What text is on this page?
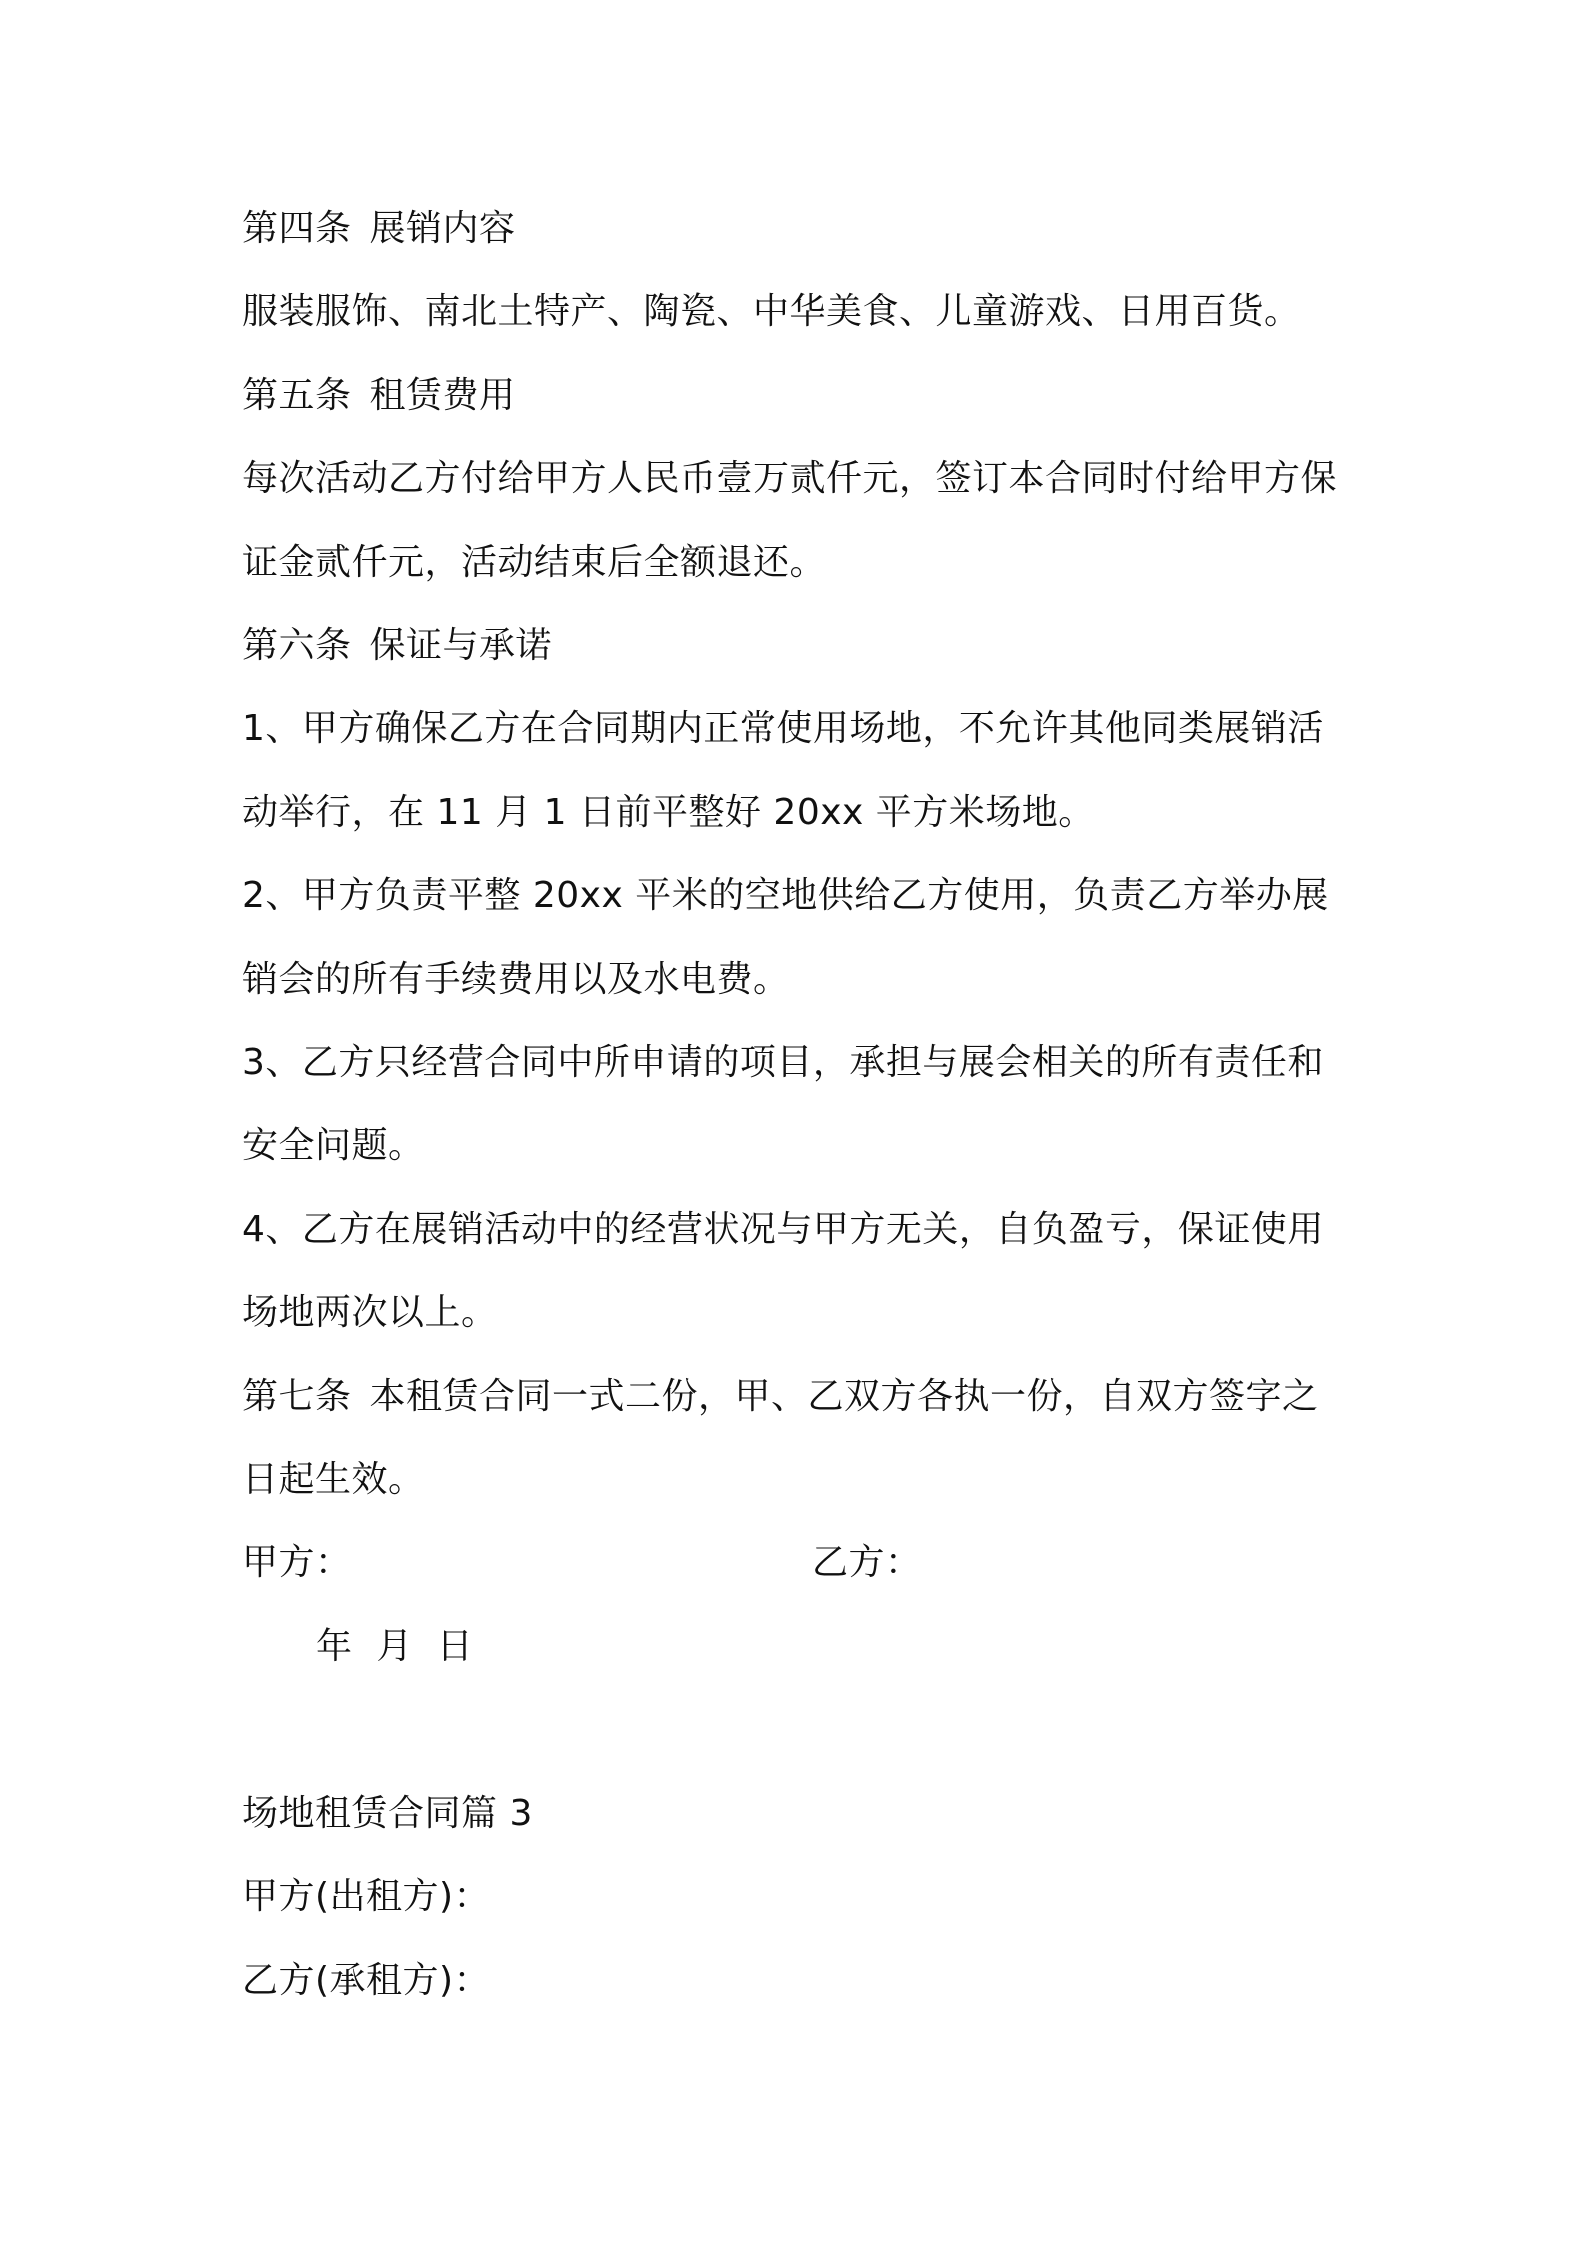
第四条 展销内容
服装服饰、南北土特产、陶瓷、中华美食、儿童游戏、日用百货。
第五条 租赁费用
每次活动乙方付给甲方人民币壹万贰仟元，签订本合同时付给甲方保
证金贰仟元，活动结束后全额退还。
第六条 保证与承诺
1、甲方确保乙方在合同期内正常使用场地，不允许其他同类展销活
动举行，在 11 月 1 日前平整好 20xx 平方米场地。
2、甲方负责平整 20xx 平米的空地供给乙方使用，负责乙方举办展
销会的所有手续费用以及水电费。
3、乙方只经营合同中所申请的项目，承担与展会相关的所有责任和
安全问题。
4、乙方在展销活动中的经营状况与甲方无关，自负盈亏，保证使用
场地两次以上。
第七条 本租赁合同一式二份，甲、乙双方各执一份，自双方签字之
日起生效。
甲方：	乙方：
年  月  日
场地租赁合同篇 3
甲方(出租方)：
乙方(承租方)：
